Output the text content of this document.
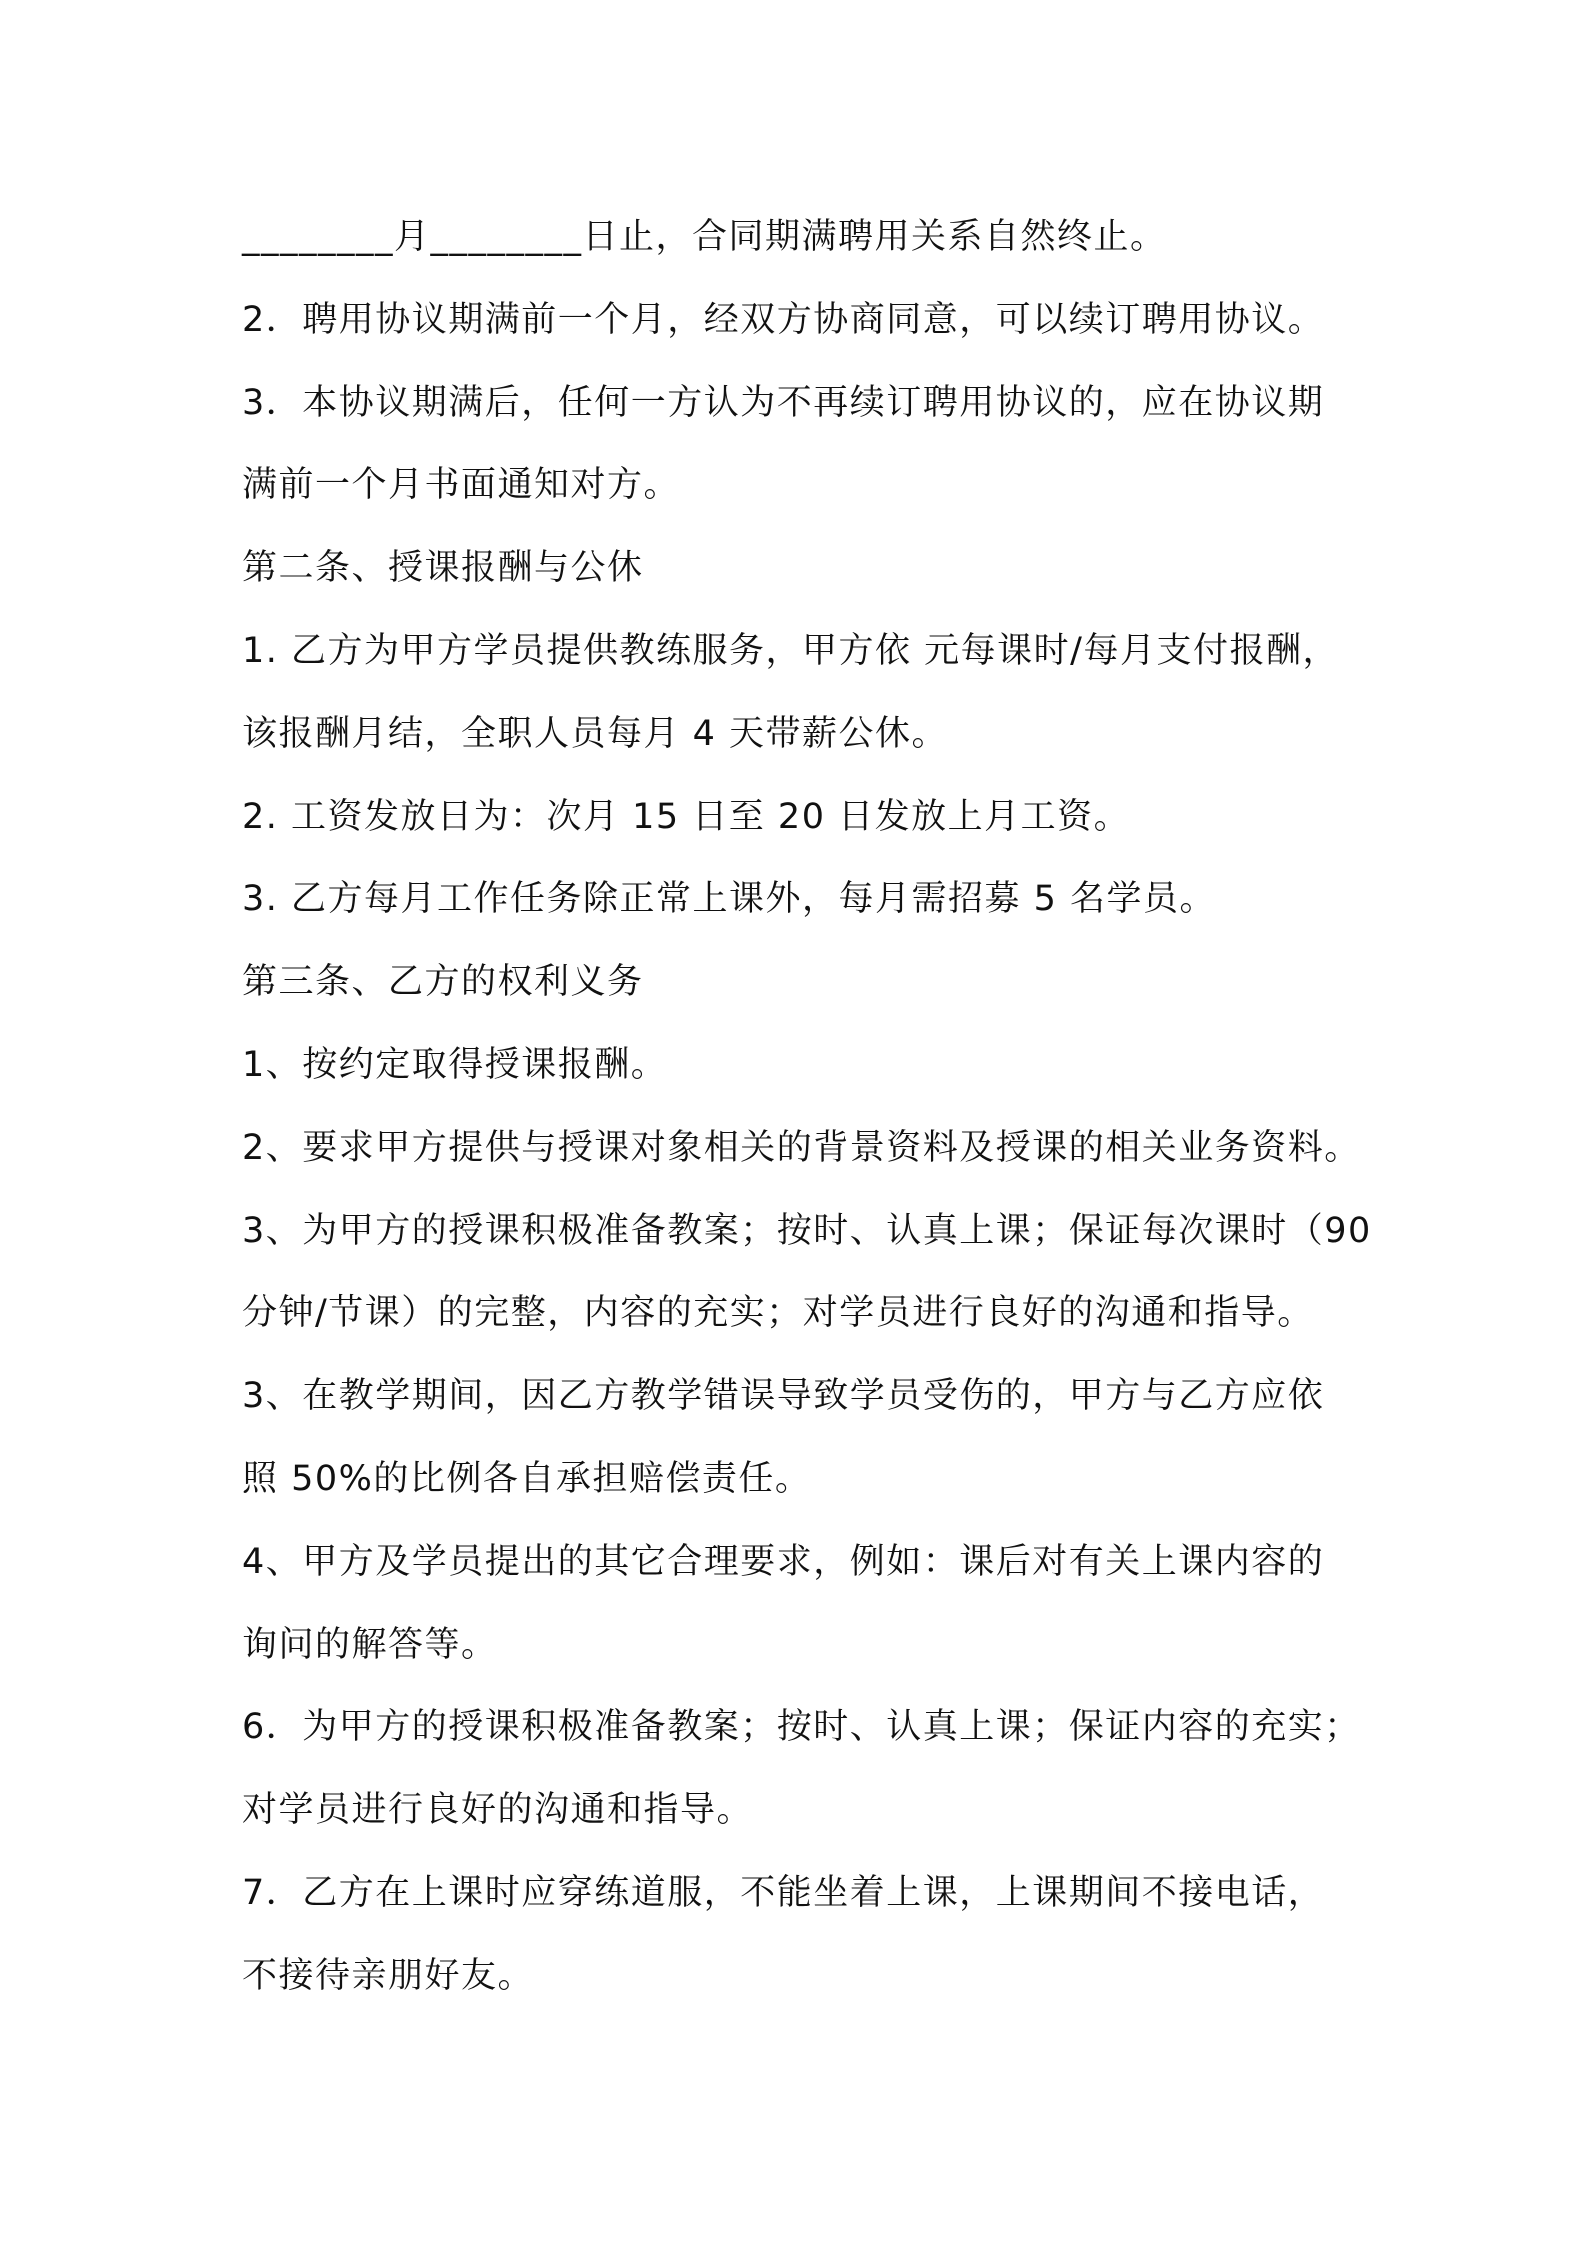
________月________日止，合同期满聘用关系自然终止。
2．聘用协议期满前一个月，经双方协商同意，可以续订聘用协议。
3．本协议期满后，任何一方认为不再续订聘用协议的，应在协议期
满前一个月书面通知对方。
第二条、授课报酬与公休
1. 乙方为甲方学员提供教练服务，甲方依 元每课时/每月支付报酬，
该报酬月结，全职人员每月 4 天带薪公休。
2. 工资发放日为：次月 15 日至 20 日发放上月工资。
3. 乙方每月工作任务除正常上课外，每月需招募 5 名学员。
第三条、乙方的权利义务
1、按约定取得授课报酬。
2、要求甲方提供与授课对象相关的背景资料及授课的相关业务资料。
3、为甲方的授课积极准备教案；按时、认真上课；保证每次课时（90
分钟/节课）的完整，内容的充实；对学员进行良好的沟通和指导。
3、在教学期间，因乙方教学错误导致学员受伤的，甲方与乙方应依
照 50%的比例各自承担赔偿责任。
4、甲方及学员提出的其它合理要求，例如：课后对有关上课内容的
询问的解答等。
6．为甲方的授课积极准备教案；按时、认真上课；保证内容的充实；
对学员进行良好的沟通和指导。
7．乙方在上课时应穿练道服，不能坐着上课，上课期间不接电话，
不接待亲朋好友。
